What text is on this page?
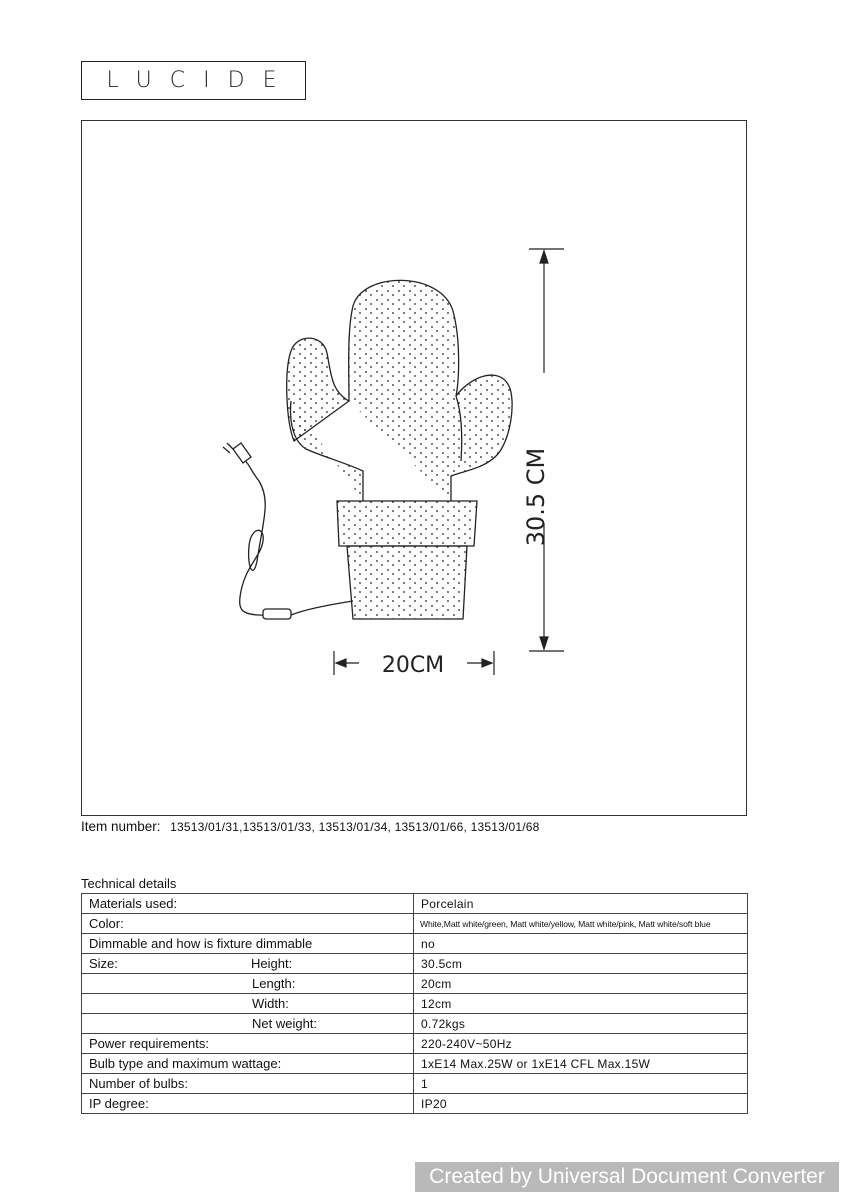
LUCIDE
30.5 CM
20CM
Item number: 13513/01/31,13513/01/33, 13513/01/34, 13513/01/66, 13513/01/68
Technical details
Materials used:	Porcelain
Color:	White,Matt white/green, Matt white/yellow, Matt white/pink, Matt white/soft blue
Dimmable and how is fixture dimmable	no
Size: Height:	30.5cm
Length:	20cm
Width:	12cm
Net weight:	0.72kgs
Power requirements:	220-240V~50Hz
Bulb type and maximum wattage:	1xE14 Max.25W or 1xE14 CFL Max.15W
Number of bulbs:	1
IP degree:	IP20
Created by Universal Document Converter
